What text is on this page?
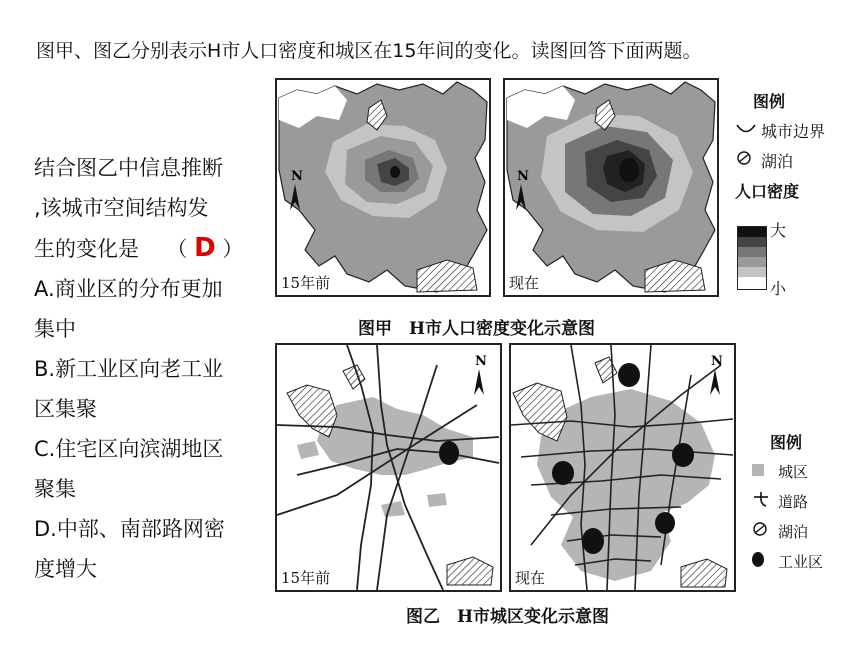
图甲、图乙分别表示H市人口密度和城区在15年间的变化。读图回答下面两题。
结合图乙中信息推断
,该城市空间结构发
生的变化是 （ D ）
A.商业区的分布更加
集中
B.新工业区向老工业
区集聚
C.住宅区向滨湖地区
聚集
D.中部、南部路网密
度增大
N
15年前
N
现在
图例
城市边界
湖泊
人口密度
大
小
图甲　H市人口密度变化示意图
N
15年前
N
现在
图例
城区
道路
湖泊
工业区
图乙　H市城区变化示意图
